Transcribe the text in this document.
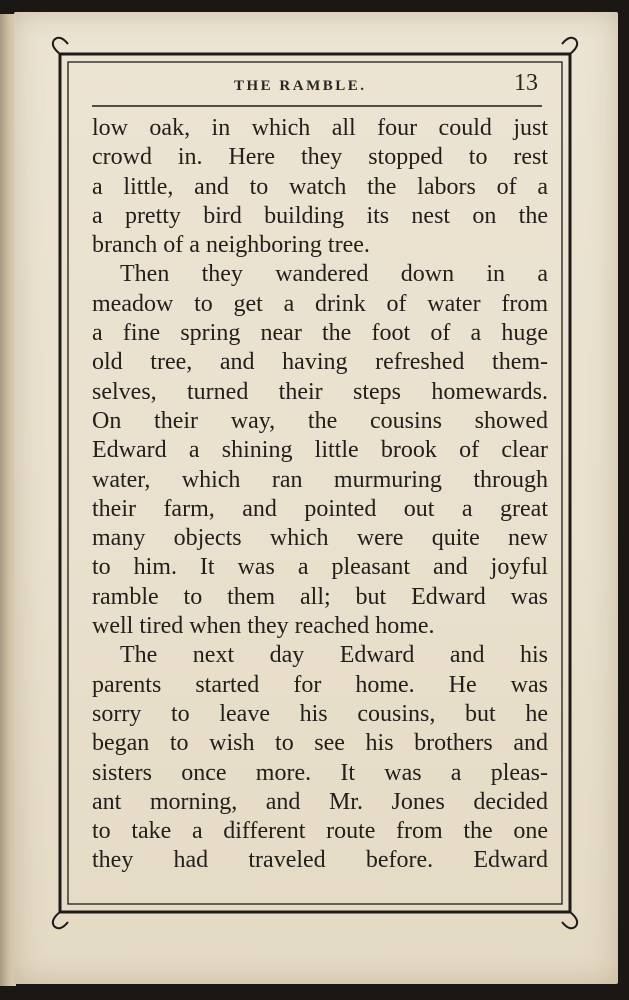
THE RAMBLE.	13
low oak, in which all four could just
crowd in. Here they stopped to rest
a little, and to watch the labors of a
a pretty bird building its nest on the
branch of a neighboring tree.
Then they wandered down in a
meadow to get a drink of water from
a fine spring near the foot of a huge
old tree, and having refreshed them-
selves, turned their steps homewards.
On their way, the cousins showed
Edward a shining little brook of clear
water, which ran murmuring through
their farm, and pointed out a great
many objects which were quite new
to him. It was a pleasant and joyful
ramble to them all; but Edward was
well tired when they reached home.
The next day Edward and his
parents started for home. He was
sorry to leave his cousins, but he
began to wish to see his brothers and
sisters once more. It was a pleas-
ant morning, and Mr. Jones decided
to take a different route from the one
they had traveled before. Edward
